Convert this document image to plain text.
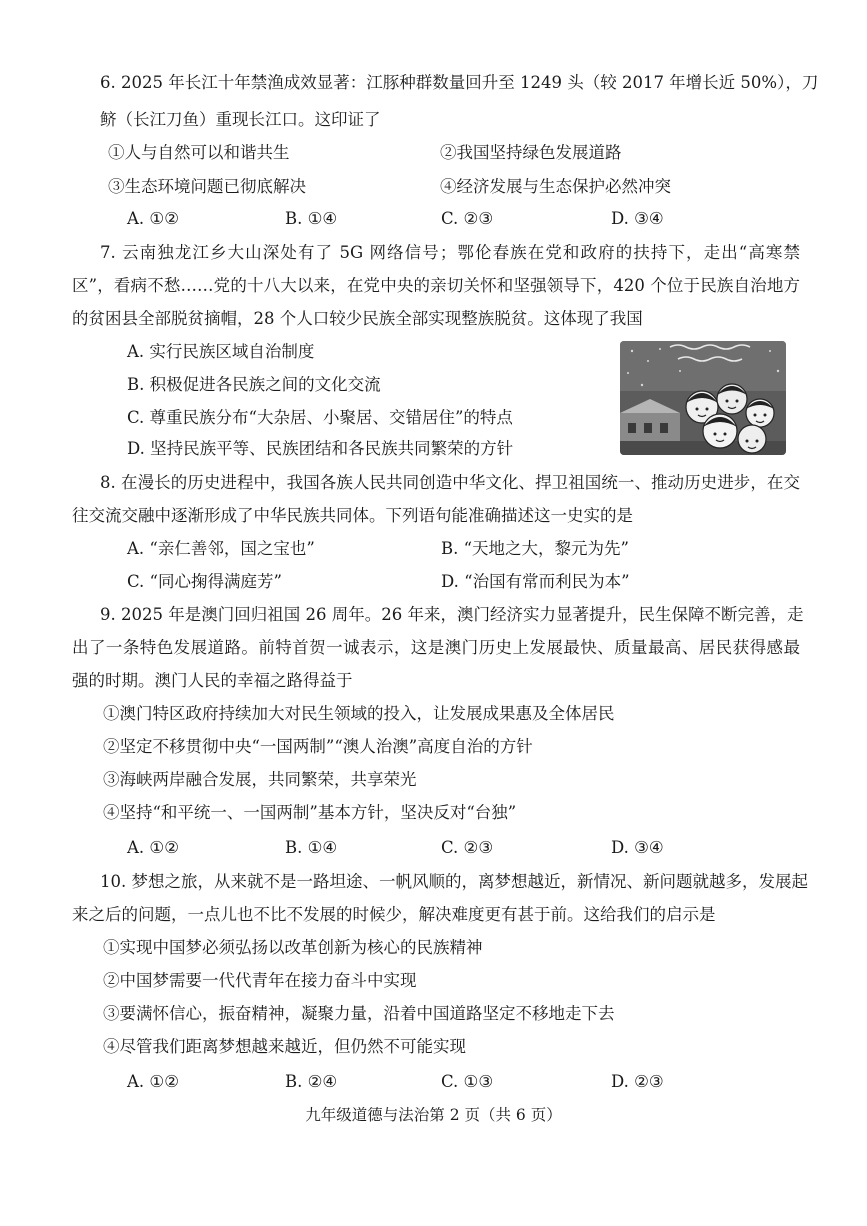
6. 2025 年长江十年禁渔成效显著：江豚种群数量回升至 1249 头（较 2017 年增长近 50%），刀
鲚（长江刀鱼）重现长江口。这印证了
①人与自然可以和谐共生	②我国坚持绿色发展道路
③生态环境问题已彻底解决	④经济发展与生态保护必然冲突
A. ①②	B. ①④	C. ②③	D. ③④
7. 云南独龙江乡大山深处有了 5G 网络信号；鄂伦春族在党和政府的扶持下，走出“高寒禁
区”，看病不愁……党的十八大以来，在党中央的亲切关怀和坚强领导下，420 个位于民族自治地方
的贫困县全部脱贫摘帽，28 个人口较少民族全部实现整族脱贫。这体现了我国
A. 实行民族区域自治制度
B. 积极促进各民族之间的文化交流
C. 尊重民族分布“大杂居、小聚居、交错居住”的特点
D. 坚持民族平等、民族团结和各民族共同繁荣的方针
8. 在漫长的历史进程中，我国各族人民共同创造中华文化、捍卫祖国统一、推动历史进步，在交
往交流交融中逐渐形成了中华民族共同体。下列语句能准确描述这一史实的是
A. “亲仁善邻，国之宝也”	B. “天地之大，黎元为先”
C. “同心掬得满庭芳”	D. “治国有常而利民为本”
9. 2025 年是澳门回归祖国 26 周年。26 年来，澳门经济实力显著提升，民生保障不断完善，走
出了一条特色发展道路。前特首贺一诚表示，这是澳门历史上发展最快、质量最高、居民获得感最
强的时期。澳门人民的幸福之路得益于
①澳门特区政府持续加大对民生领域的投入，让发展成果惠及全体居民
②坚定不移贯彻中央“一国两制”“澳人治澳”高度自治的方针
③海峡两岸融合发展，共同繁荣，共享荣光
④坚持“和平统一、一国两制”基本方针，坚决反对“台独”
A. ①②	B. ①④	C. ②③	D. ③④
10. 梦想之旅，从来就不是一路坦途、一帆风顺的，离梦想越近，新情况、新问题就越多，发展起
来之后的问题，一点儿也不比不发展的时候少，解决难度更有甚于前。这给我们的启示是
①实现中国梦必须弘扬以改革创新为核心的民族精神
②中国梦需要一代代青年在接力奋斗中实现
③要满怀信心，振奋精神，凝聚力量，沿着中国道路坚定不移地走下去
④尽管我们距离梦想越来越近，但仍然不可能实现
A. ①②	B. ②④	C. ①③	D. ②③
九年级道德与法治第 2 页（共 6 页）
